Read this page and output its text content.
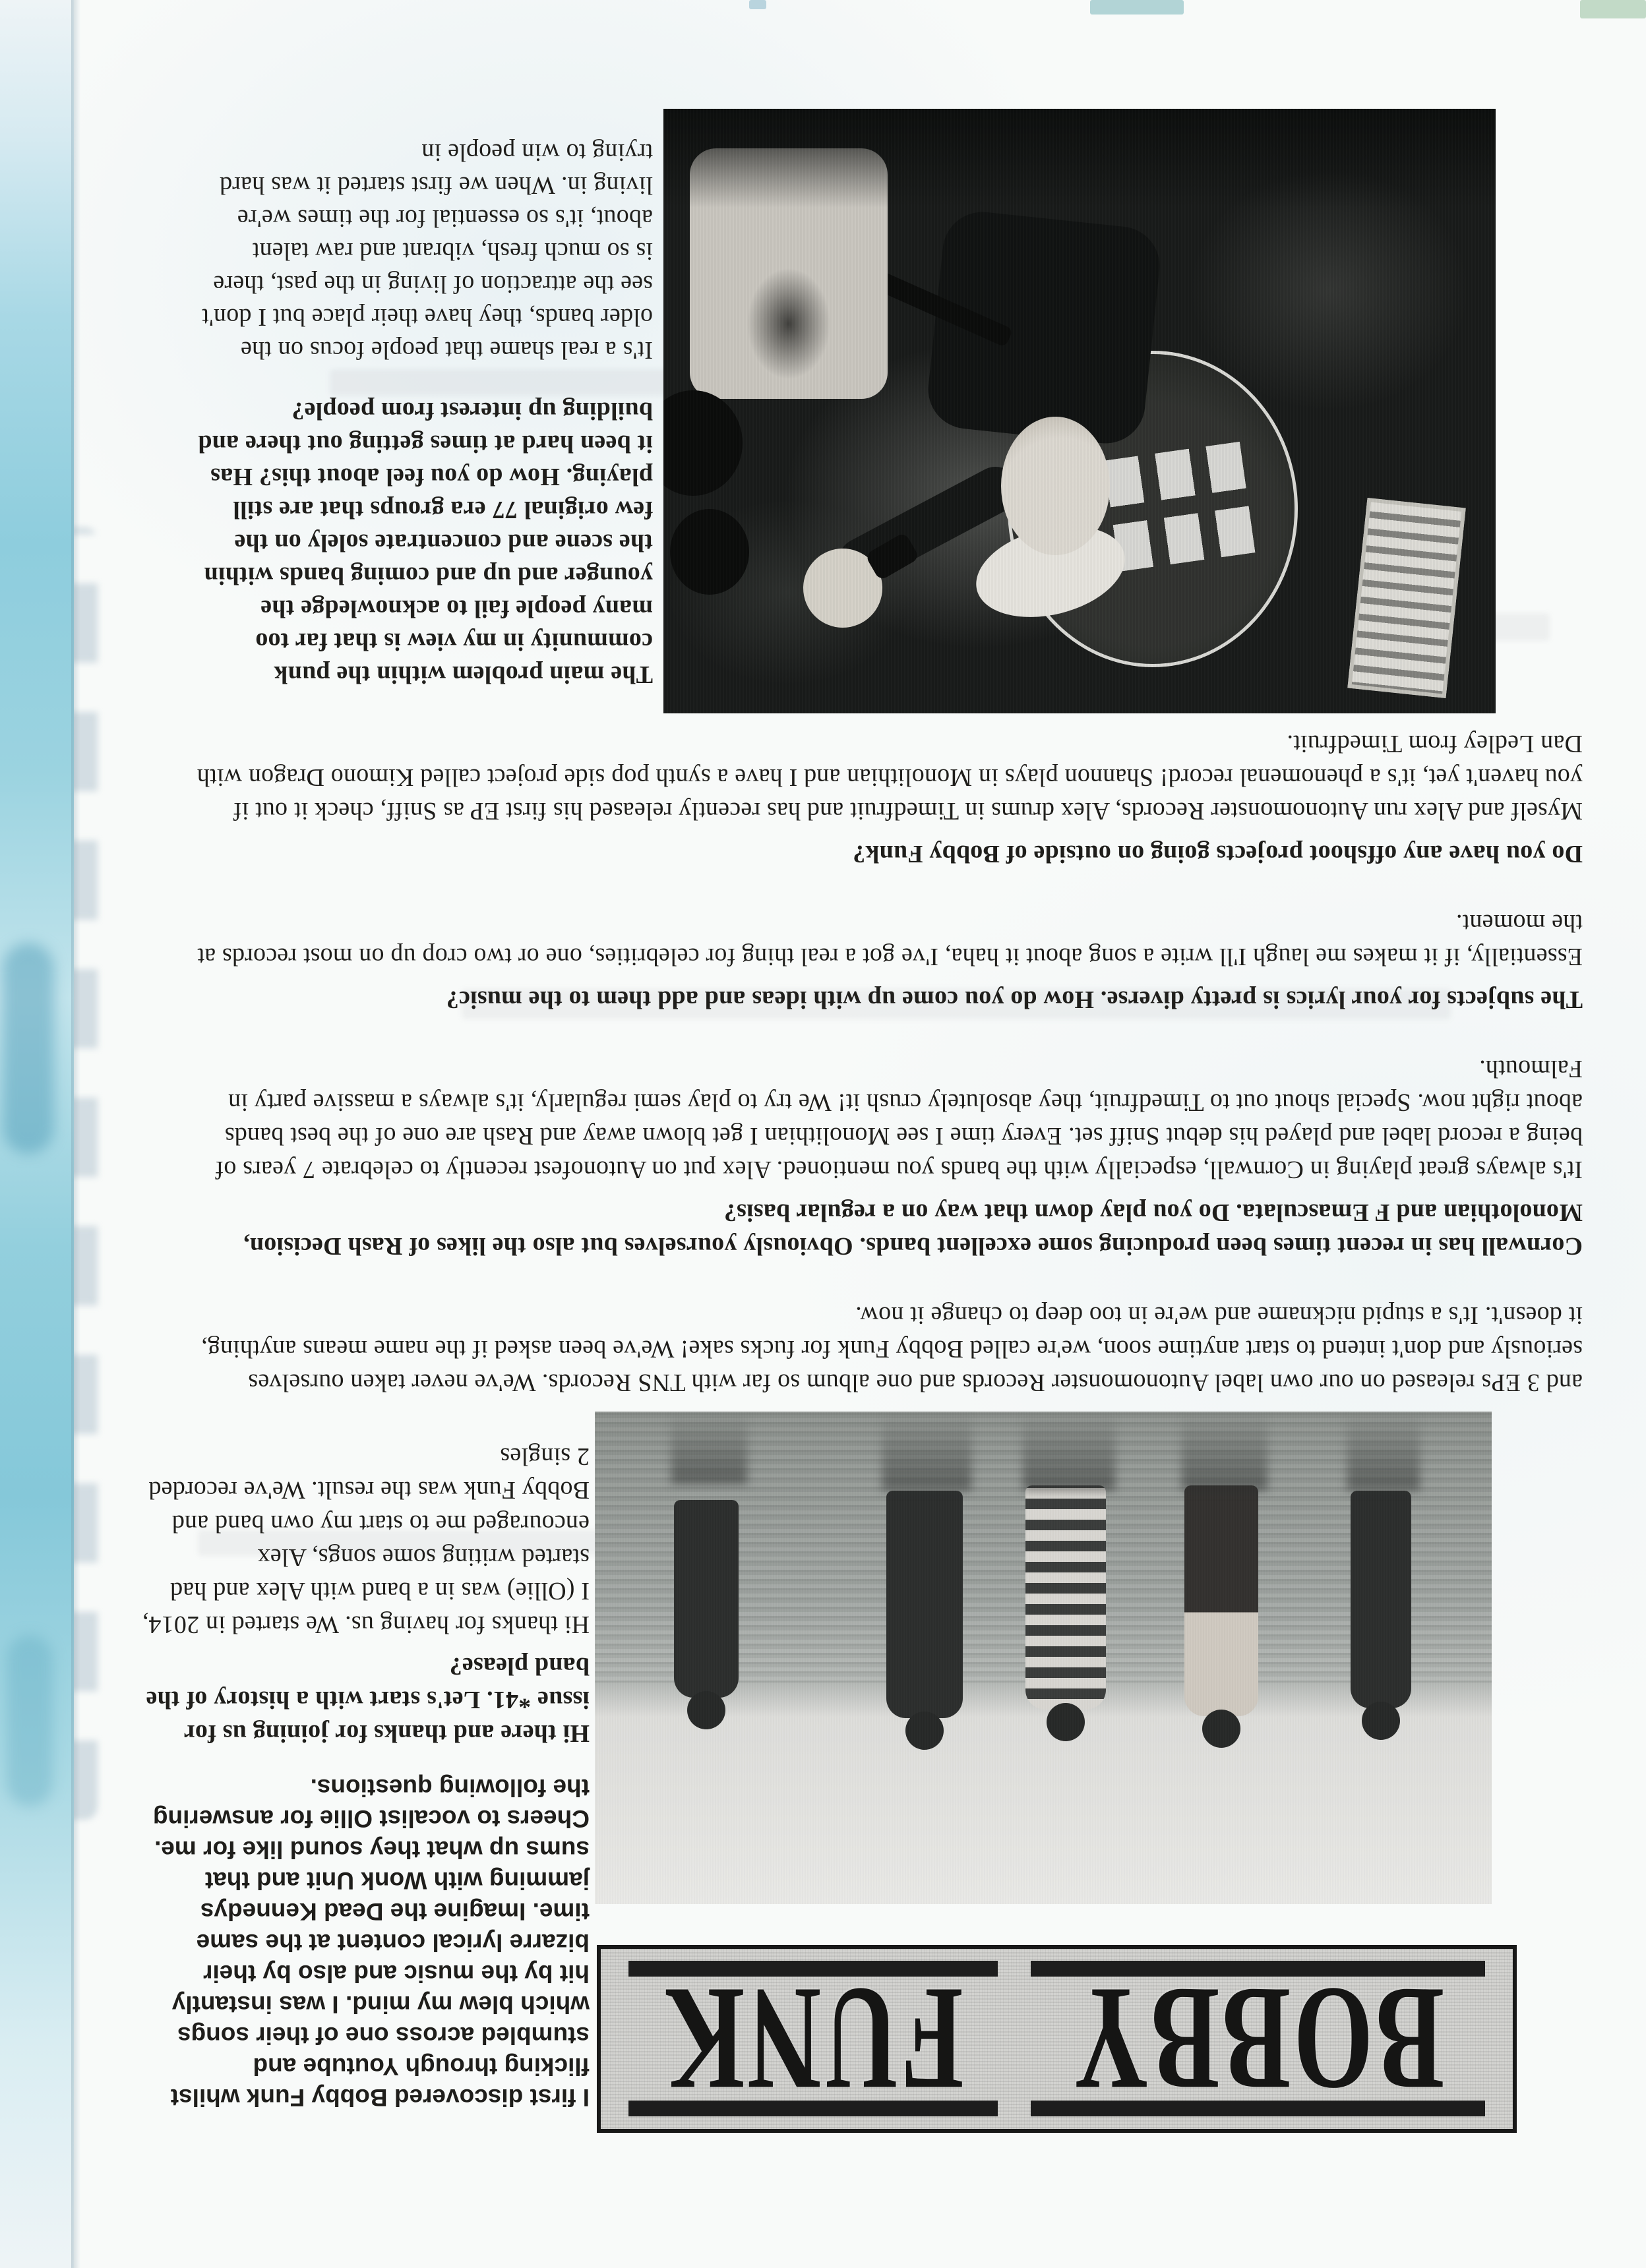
BOBBY
FUNK

I first discovered Bobby Funk whilst flicking through Youtube and stumbled across one of their songs which blew my mind. I was instantly hit by the music and also by their bizarre lyrical content at the same time. Imagine the Dead Kennedys jamming with Wonk Unit and that sums up what they sound like for me. Cheers to vocalist Ollie for answering the following questions.

Hi there and thanks for joining us for issue *41. Let's start with a history of the band please?

Hi thanks for having us. We started in 2014, I (Ollie) was in a band with Alex and had started writing some songs, Alex encouraged me to start my own band and Bobby Funk was the result. We've recorded 2 singles

and 3 EPs released on our own label Autonomonster Records and one album so far with TNS Records. We've never taken ourselves seriously and don't intend to start anytime soon, we're called Bobby Funk for fucks sake! We've been asked if the name means anything, it doesn't. It's a stupid nickname and we're in too deep to change it now.

Cornwall has in recent times been producing some excellent bands. Obviously yourselves but also the likes of Rash Decision, Monolothian and F Emasculata. Do you play down that way on a regular basis?

It's always great playing in Cornwall, especially with the bands you mentioned. Alex put on Autonofest recently to celebrate 7 years of being a record label and played his debut Sniff set. Every time I see Monolithian I get blown away and Rash are one of the best bands about right now. Special shout out to Timedfruit, they absolutely crush it! We try to play semi regularly, it's always a massive party in Falmouth.

The subjects for your lyrics is pretty diverse. How do you come up with ideas and add them to the music?

Essentially, if it makes me laugh I'll write a song about it haha, I've got a real thing for celebrities, one or two crop up on most records at the moment.

Do you have any offshoot projects going on outside of Bobby Funk?

Myself and Alex run Autonomonster Records, Alex drums in Timedfruit and has recently released his first EP as Sniff, check it out if you haven't yet, it's a phenomenal record! Shannon plays in Monolithian and I have a synth pop side project called Kimono Dragon with Dan Ledley from Timedfruit.

The main problem within the punk community in my view is that far too many people fail to acknowledge the younger and up and coming bands within the scene and concentrate solely on the few original 77 era groups that are still playing. How do you feel about this? Has it been hard at times getting out there and building up interest from people?

It's a real shame that people focus on the older bands, they have their place but I don't see the attraction of living in the past, there is so much fresh, vibrant and raw talent about, it's so essential for the times we're living in. When we first started it was hard trying to win people in
